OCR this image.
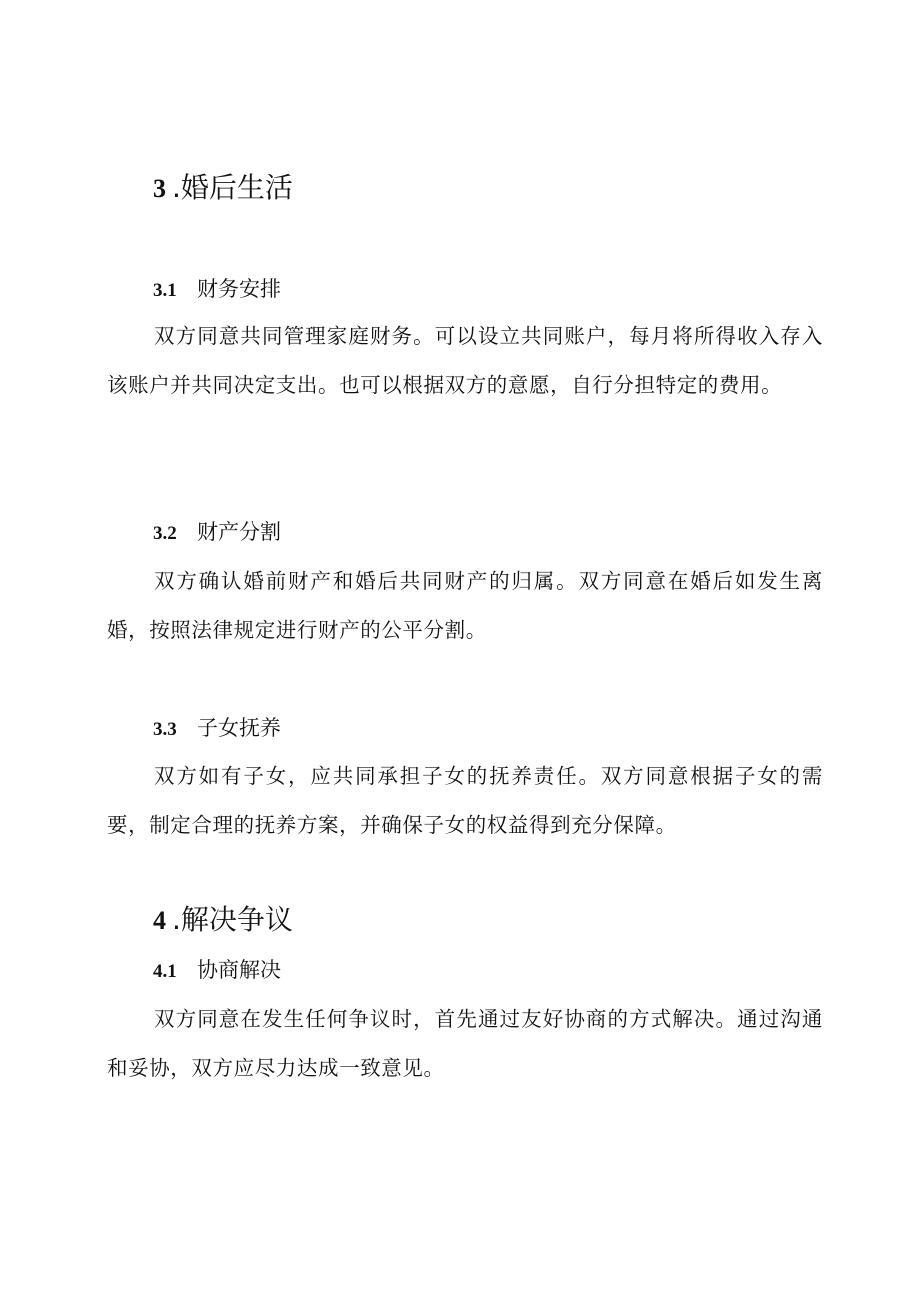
3 .婚后生活
3.1 财务安排

双方同意共同管理家庭财务。可以设立共同账户，每月将所得收入存入该账户并共同决定支出。也可以根据双方的意愿，自行分担特定的费用。

3.2 财产分割

双方确认婚前财产和婚后共同财产的归属。双方同意在婚后如发生离婚，按照法律规定进行财产的公平分割。

3.3 子女抚养

双方如有子女，应共同承担子女的抚养责任。双方同意根据子女的需要，制定合理的抚养方案，并确保子女的权益得到充分保障。

4 .解决争议
4.1 协商解决

双方同意在发生任何争议时，首先通过友好协商的方式解决。通过沟通和妥协，双方应尽力达成一致意见。
